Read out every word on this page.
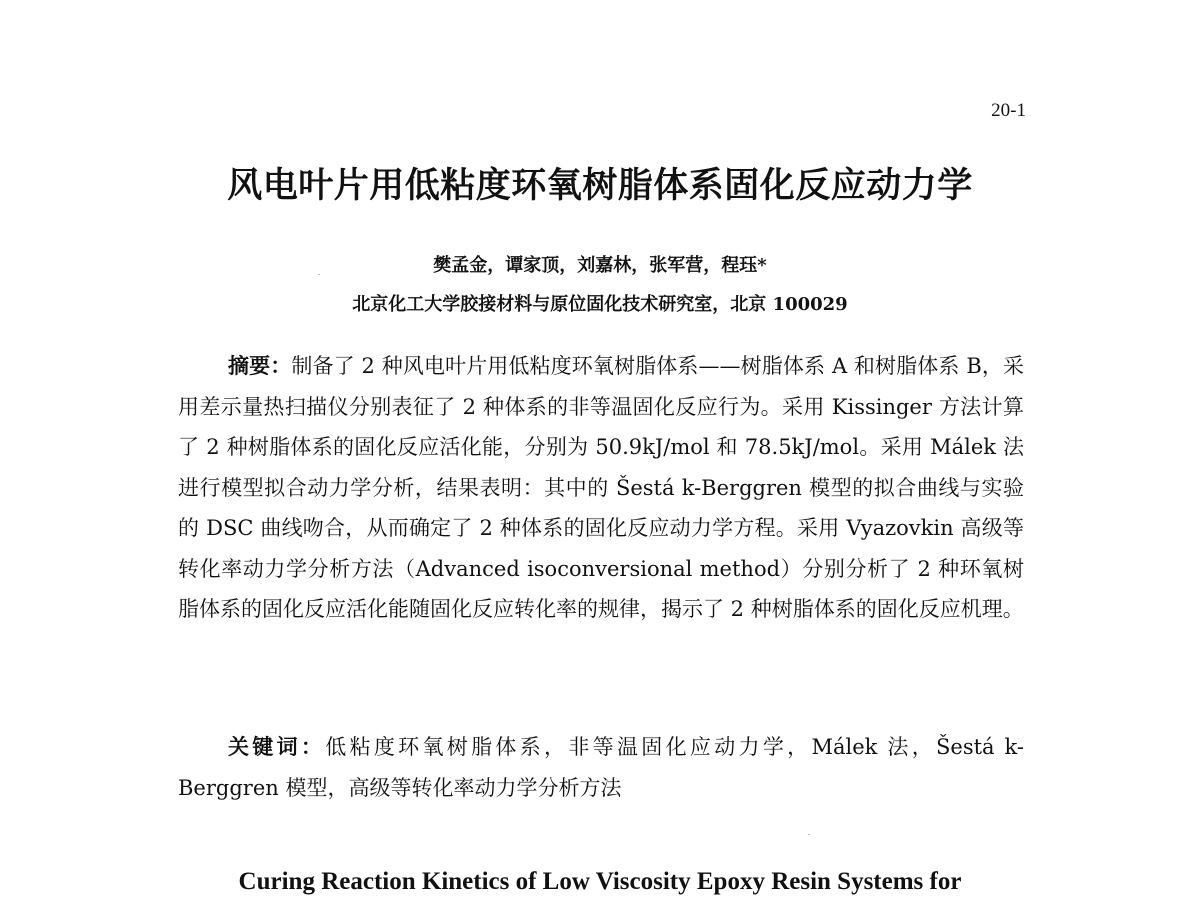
20-1
风电叶片用低粘度环氧树脂体系固化反应动力学
樊孟金，谭家顶，刘嘉林，张军营，程珏*
北京化工大学胶接材料与原位固化技术研究室，北京 100029

摘要：制备了 2 种风电叶片用低粘度环氧树脂体系——树脂体系 A 和树脂体系 B，采用差示量热扫描仪分别表征了 2 种体系的非等温固化反应行为。采用 Kissinger 方法计算了 2 种树脂体系的固化反应活化能，分别为 50.9kJ/mol 和 78.5kJ/mol。采用 Málek 法进行模型拟合动力学分析，结果表明：其中的 Šestá k-Berggren 模型的拟合曲线与实验的 DSC 曲线吻合，从而确定了 2 种体系的固化反应动力学方程。采用 Vyazovkin 高级等转化率动力学分析方法（Advanced isoconversional method）分别分析了 2 种环氧树脂体系的固化反应活化能随固化反应转化率的规律，揭示了 2 种树脂体系的固化反应机理。

关键词：低粘度环氧树脂体系，非等温固化应动力学，Málek 法，Šestá k-Berggren 模型，高级等转化率动力学分析方法

Curing Reaction Kinetics of Low Viscosity Epoxy Resin Systems for
